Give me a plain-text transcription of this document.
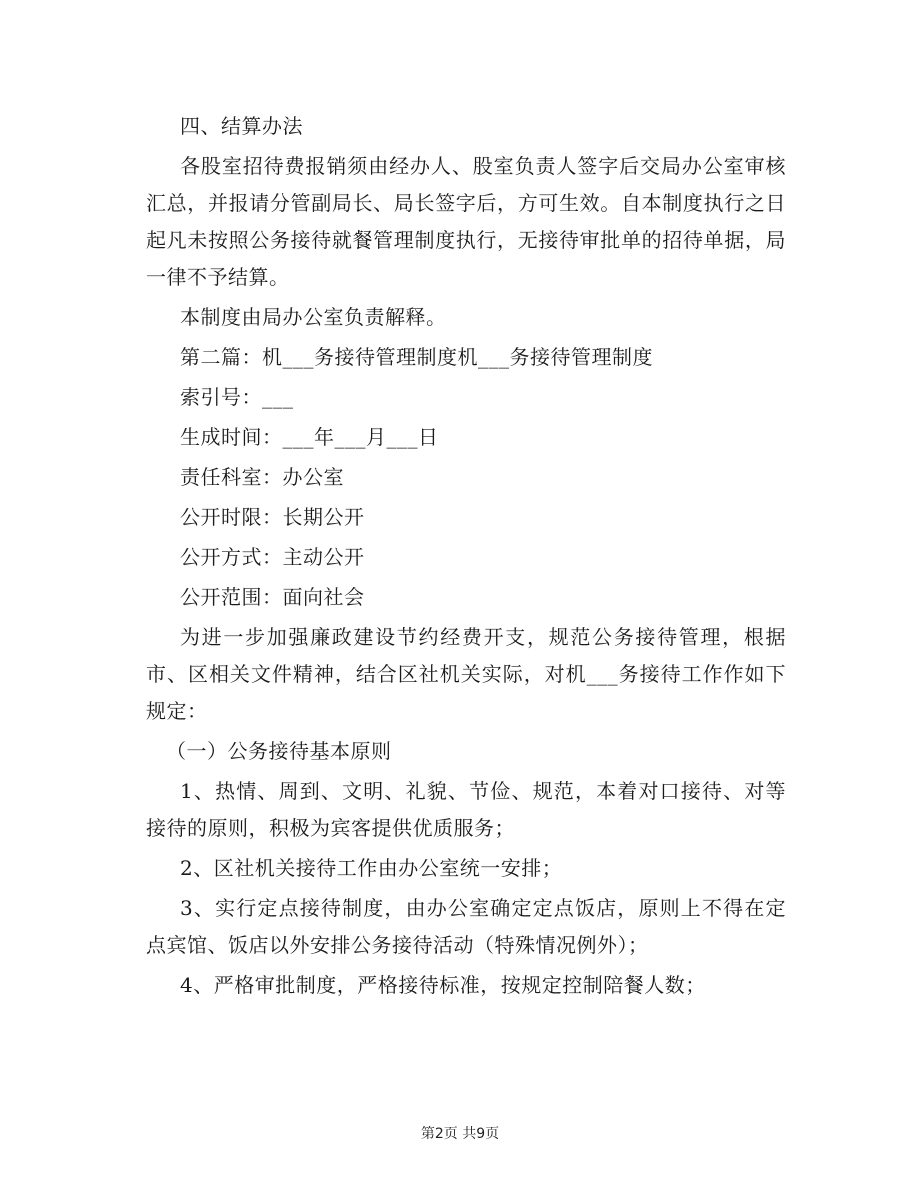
四、结算办法

各股室招待费报销须由经办人、股室负责人签字后交局办公室审核汇总，并报请分管副局长、局长签字后，方可生效。自本制度执行之日起凡未按照公务接待就餐管理制度执行，无接待审批单的招待单据，局一律不予结算。

本制度由局办公室负责解释。

第二篇：机___务接待管理制度机___务接待管理制度

索引号：___

生成时间：___年___月___日

责任科室：办公室

公开时限：长期公开

公开方式：主动公开

公开范围：面向社会

为进一步加强廉政建设节约经费开支，规范公务接待管理，根据市、区相关文件精神，结合区社机关实际，对机___务接待工作作如下规定：

（一）公务接待基本原则

1、热情、周到、文明、礼貌、节俭、规范，本着对口接待、对等接待的原则，积极为宾客提供优质服务；

2、区社机关接待工作由办公室统一安排；

3、实行定点接待制度，由办公室确定定点饭店，原则上不得在定点宾馆、饭店以外安排公务接待活动（特殊情况例外）；

4、严格审批制度，严格接待标准，按规定控制陪餐人数；

第2页 共9页
